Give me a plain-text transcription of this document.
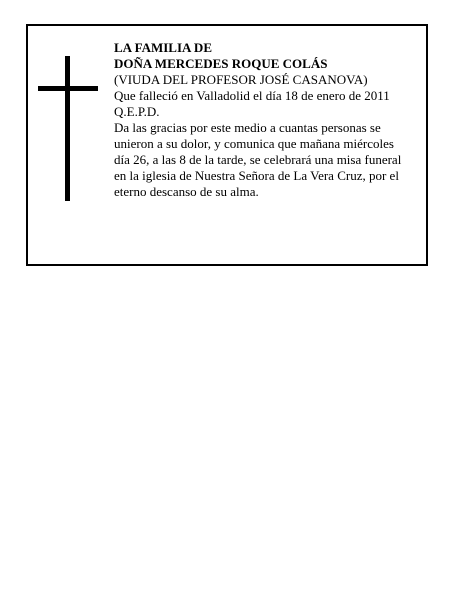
LA FAMILIA DE
DOÑA MERCEDES ROQUE COLÁS
(VIUDA DEL PROFESOR JOSÉ CASANOVA)
Que falleció en Valladolid el día 18 de enero de 2011
Q.E.P.D.
Da las gracias por este medio a cuantas personas se
unieron a su dolor, y comunica que mañana miércoles
día 26, a las 8 de la tarde, se celebrará una misa funeral
en la iglesia de Nuestra Señora de La Vera Cruz, por el
eterno descanso de su alma.
